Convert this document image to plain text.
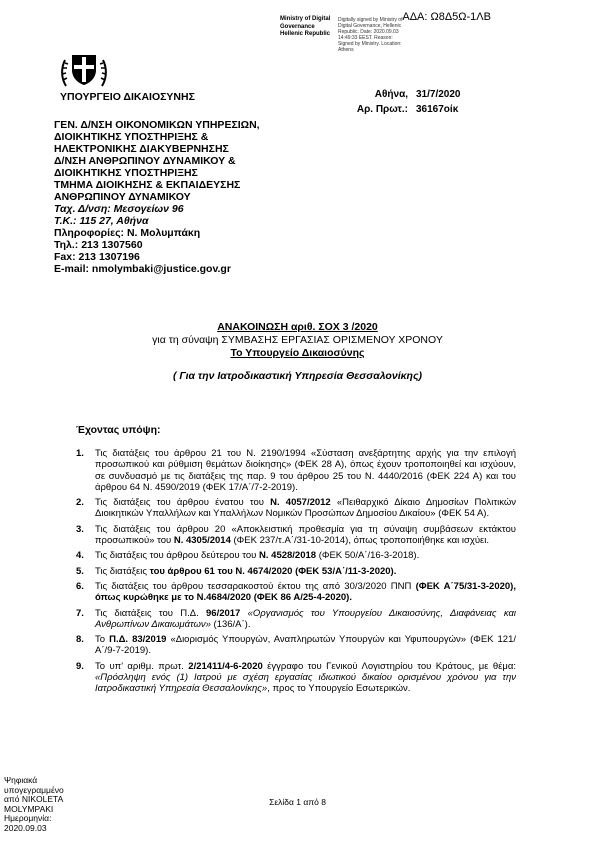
ΑΔΑ: Ω8Δ5Ω-1ΛΒ
Ministry of Digital
Governance
Hellenic Republic
Digitally signed by Ministry of Digital Governance, Hellenic Republic. Date: 2020.09.03 14:49:33 EEST. Reason: Signed by Ministry. Location: Athens
ΥΠΟΥΡΓΕΙΟ ΔΙΚΑΙΟΣΥΝΗΣ	Αθήνα, 31/7/2020
Αρ. Πρωτ.: 36167οίκ
ΓΕΝ. Δ/ΝΣΗ ΟΙΚΟΝΟΜΙΚΩΝ ΥΠΗΡΕΣΙΩΝ,
ΔΙΟΙΚΗΤΙΚΗΣ ΥΠΟΣΤΗΡΙΞΗΣ &
ΗΛΕΚΤΡΟΝΙΚΗΣ ΔΙΑΚΥΒΕΡΝΗΣΗΣ
Δ/ΝΣΗ ΑΝΘΡΩΠΙΝΟΥ ΔΥΝΑΜΙΚΟΥ &
ΔΙΟΙΚΗΤΙΚΗΣ ΥΠΟΣΤΗΡΙΞΗΣ
ΤΜΗΜΑ ΔΙΟΙΚΗΣΗΣ & ΕΚΠΑΙΔΕΥΣΗΣ
ΑΝΘΡΩΠΙΝΟΥ ΔΥΝΑΜΙΚΟΥ
Ταχ. Δ/νση: Μεσογείων 96
Τ.Κ.: 115 27, Αθήνα
Πληροφορίες: Ν. Μολυμπάκη
Τηλ.: 213 1307560
Fax: 213 1307196
E-mail: nmolymbaki@justice.gov.gr
ΑΝΑΚΟΙΝΩΣΗ αριθ. ΣΟΧ 3 /2020
για τη σύναψη ΣΥΜΒΑΣΗΣ ΕΡΓΑΣΙΑΣ ΟΡΙΣΜΕΝΟΥ ΧΡΟΝΟΥ
Το Υπουργείο Δικαιοσύνης
( Για την Ιατροδικαστική Υπηρεσία Θεσσαλονίκης)
Έχοντας υπόψη:
1. Τις διατάξεις του άρθρου 21 του Ν. 2190/1994 «Σύσταση ανεξάρτητης αρχής για την επιλογή προσωπικού και ρύθμιση θεμάτων διοίκησης» (ΦΕΚ 28 Α), όπως έχουν τροποποιηθεί και ισχύουν, σε συνδυασμό με τις διατάξεις της παρ. 9 του άρθρου 25 του Ν. 4440/2016 (ΦΕΚ 224 Α) και του άρθρου 64 Ν. 4590/2019 (ΦΕΚ 17/Α΄/7-2-2019).
2. Τις διατάξεις του άρθρου ένατου του Ν. 4057/2012 «Πειθαρχικό Δίκαιο Δημοσίων Πολιτικών Διοικητικών Υπαλλήλων και Υπαλλήλων Νομικών Προσώπων Δημοσίου Δικαίου» (ΦΕΚ 54 Α).
3. Τις διατάξεις του άρθρου 20 «Αποκλειστική προθεσμία για τη σύναψη συμβάσεων εκτάκτου προσωπικού» του Ν. 4305/2014 (ΦΕΚ 237/τ.Α΄/31-10-2014), όπως τροποποιήθηκε και ισχύει.
4. Τις διατάξεις του άρθρου δεύτερου του Ν. 4528/2018 (ΦΕΚ 50/Α΄/16-3-2018).
5. Τις διατάξεις του άρθρου 61 του Ν. 4674/2020 (ΦΕΚ 53/Α΄/11-3-2020).
6. Τις διατάξεις του άρθρου τεσσαρακοστού έκτου της από 30/3/2020 ΠΝΠ (ΦΕΚ Α΄75/31-3-2020), όπως κυρώθηκε με το Ν.4684/2020 (ΦΕΚ 86 Α/25-4-2020).
7. Τις διατάξεις του Π.Δ. 96/2017 «Οργανισμός του Υπουργείου Δικαιοσύνης, Διαφάνειας και Ανθρωπίνων Δικαιωμάτων» (136/Α΄).
8. Το Π.Δ. 83/2019 «Διορισμός Υπουργών, Αναπληρωτών Υπουργών και Υφυπουργών» (ΦΕΚ 121/Α΄/9-7-2019).
9. Το υπ' αριθμ. πρωτ. 2/21411/4-6-2020 έγγραφο του Γενικού Λογιστηρίου του Κράτους, με θέμα: «Πρόσληψη ενός (1) Ιατρού με σχέση εργασίας ιδιωτικού δικαίου ορισμένου χρόνου για την Ιατροδικαστική Υπηρεσία Θεσσαλονίκης», προς το Υπουργείο Εσωτερικών.
Ψηφιακά
υπογεγραμμένο
από NIKOLETA
MOLYMPAKI
Ημερομηνία:
2020.09.03
Σελίδα 1 από 8
